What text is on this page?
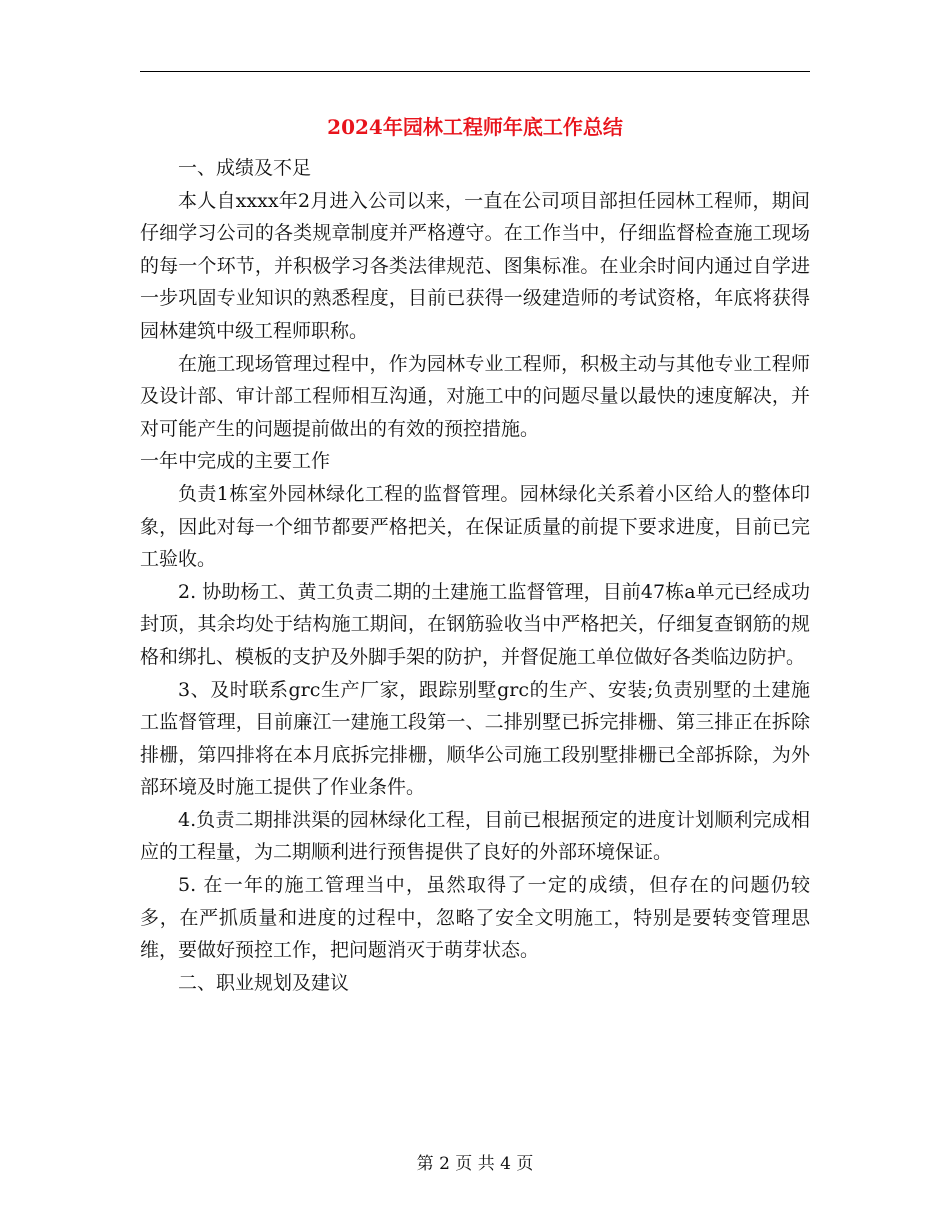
2024年园林工程师年底工作总结

一、成绩及不足

本人自xxxx年2月进入公司以来，一直在公司项目部担任园林工程师，期间仔细学习公司的各类规章制度并严格遵守。在工作当中，仔细监督检查施工现场的每一个环节，并积极学习各类法律规范、图集标准。在业余时间内通过自学进一步巩固专业知识的熟悉程度，目前已获得一级建造师的考试资格，年底将获得园林建筑中级工程师职称。

在施工现场管理过程中，作为园林专业工程师，积极主动与其他专业工程师及设计部、审计部工程师相互沟通，对施工中的问题尽量以最快的速度解决，并对可能产生的问题提前做出的有效的预控措施。

一年中完成的主要工作

负责1栋室外园林绿化工程的监督管理。园林绿化关系着小区给人的整体印象，因此对每一个细节都要严格把关，在保证质量的前提下要求进度，目前已完工验收。

2. 协助杨工、黄工负责二期的土建施工监督管理，目前47栋a单元已经成功封顶，其余均处于结构施工期间，在钢筋验收当中严格把关，仔细复查钢筋的规格和绑扎、模板的支护及外脚手架的防护，并督促施工单位做好各类临边防护。

3、及时联系grc生产厂家，跟踪别墅grc的生产、安装;负责别墅的土建施工监督管理，目前廉江一建施工段第一、二排别墅已拆完排栅、第三排正在拆除排栅，第四排将在本月底拆完排栅，顺华公司施工段别墅排栅已全部拆除，为外部环境及时施工提供了作业条件。

4.负责二期排洪渠的园林绿化工程，目前已根据预定的进度计划顺利完成相应的工程量，为二期顺利进行预售提供了良好的外部环境保证。

5. 在一年的施工管理当中，虽然取得了一定的成绩，但存在的问题仍较多，在严抓质量和进度的过程中，忽略了安全文明施工，特别是要转变管理思维，要做好预控工作，把问题消灭于萌芽状态。

二、职业规划及建议

第 2 页 共 4 页
